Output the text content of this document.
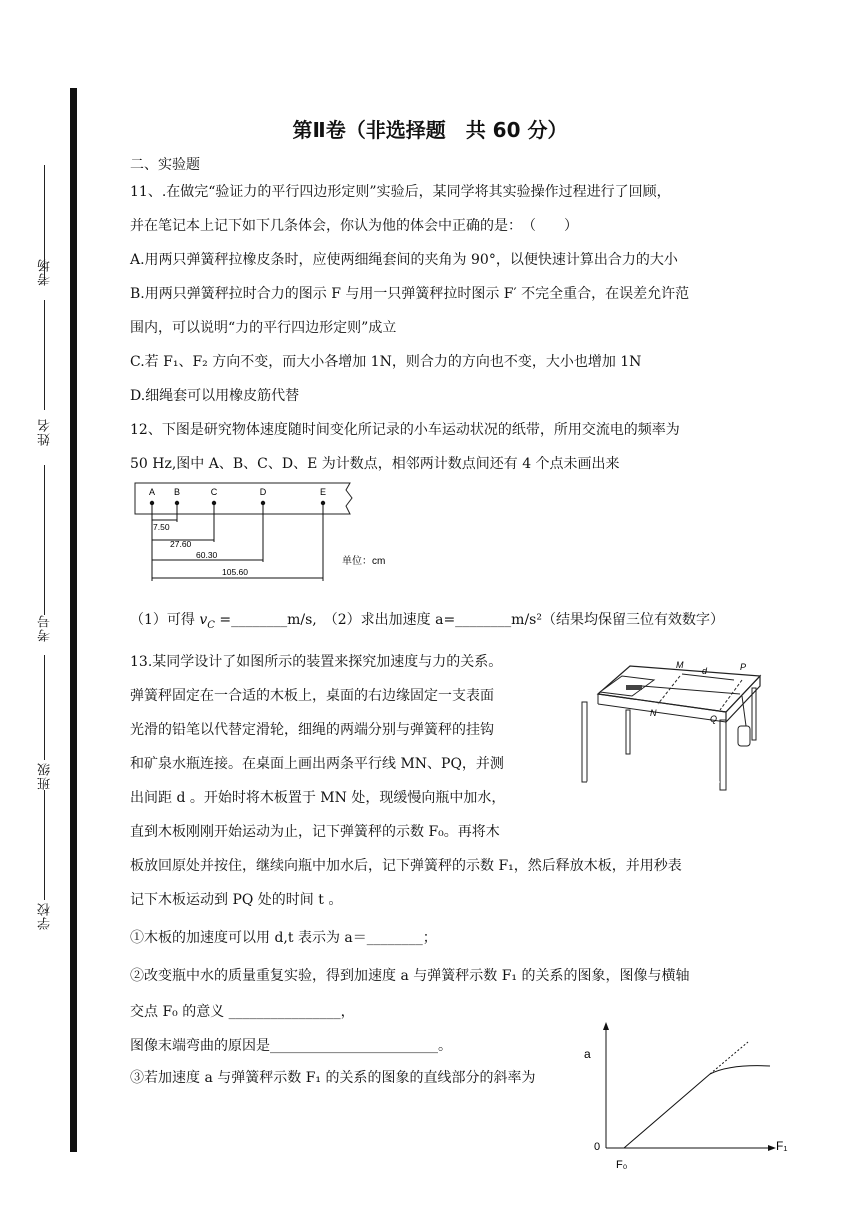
考场
姓名
考号
班级
学校
第Ⅱ卷（非选择题　共 60 分）
二、实验题
11、.在做完“验证力的平行四边形定则”实验后，某同学将其实验操作过程进行了回顾，
并在笔记本上记下如下几条体会，你认为他的体会中正确的是：　（　　）
A.用两只弹簧秤拉橡皮条时，应使两细绳套间的夹角为 90°，以便快速计算出合力的大小
B.用两只弹簧秤拉时合力的图示 F 与用一只弹簧秤拉时图示 F′ 不完全重合，在误差允许范
围内，可以说明“力的平行四边形定则”成立
C.若 F₁、F₂ 方向不变，而大小各增加 1N，则合力的方向也不变，大小也增加 1N
D.细绳套可以用橡皮筋代替
12、下图是研究物体速度随时间变化所记录的小车运动状况的纸带，所用交流电的频率为
50 Hz,图中 A、B、C、D、E 为计数点，相邻两计数点间还有 4 个点未画出来
A B	C	D	E
7.50
27.60
60.30
105.60
单位：cm
（1）可得 $v_C$ =________m/s,　（2）求出加速度 a=________m/s²（结果均保留三位有效数字）
13.某同学设计了如图所示的装置来探究加速度与力的关系。
弹簧秤固定在一合适的木板上，桌面的右边缘固定一支表面
光滑的铅笔以代替定滑轮，细绳的两端分别与弹簧秤的挂钩
和矿泉水瓶连接。在桌面上画出两条平行线 MN、PQ，并测
出间距 d 。开始时将木板置于 MN 处，现缓慢向瓶中加水，
直到木板刚刚开始运动为止，记下弹簧秤的示数 F₀。再将木
板放回原处并按住，继续向瓶中加水后，记下弹簧秤的示数 F₁，然后释放木板，并用秒表
记下木板运动到 PQ 处的时间 t 。
①木板的加速度可以用 d,t 表示为 a＝________；
②改变瓶中水的质量重复实验，得到加速度 a 与弹簧秤示数 F₁ 的关系的图象，图像与横轴
交点 F₀ 的意义 ________________，
图像末端弯曲的原因是________________________。
③若加速度 a 与弹簧秤示数 F₁ 的关系的图象的直线部分的斜率为
M	P
d
N
Q
a
F₁
0
F₀
